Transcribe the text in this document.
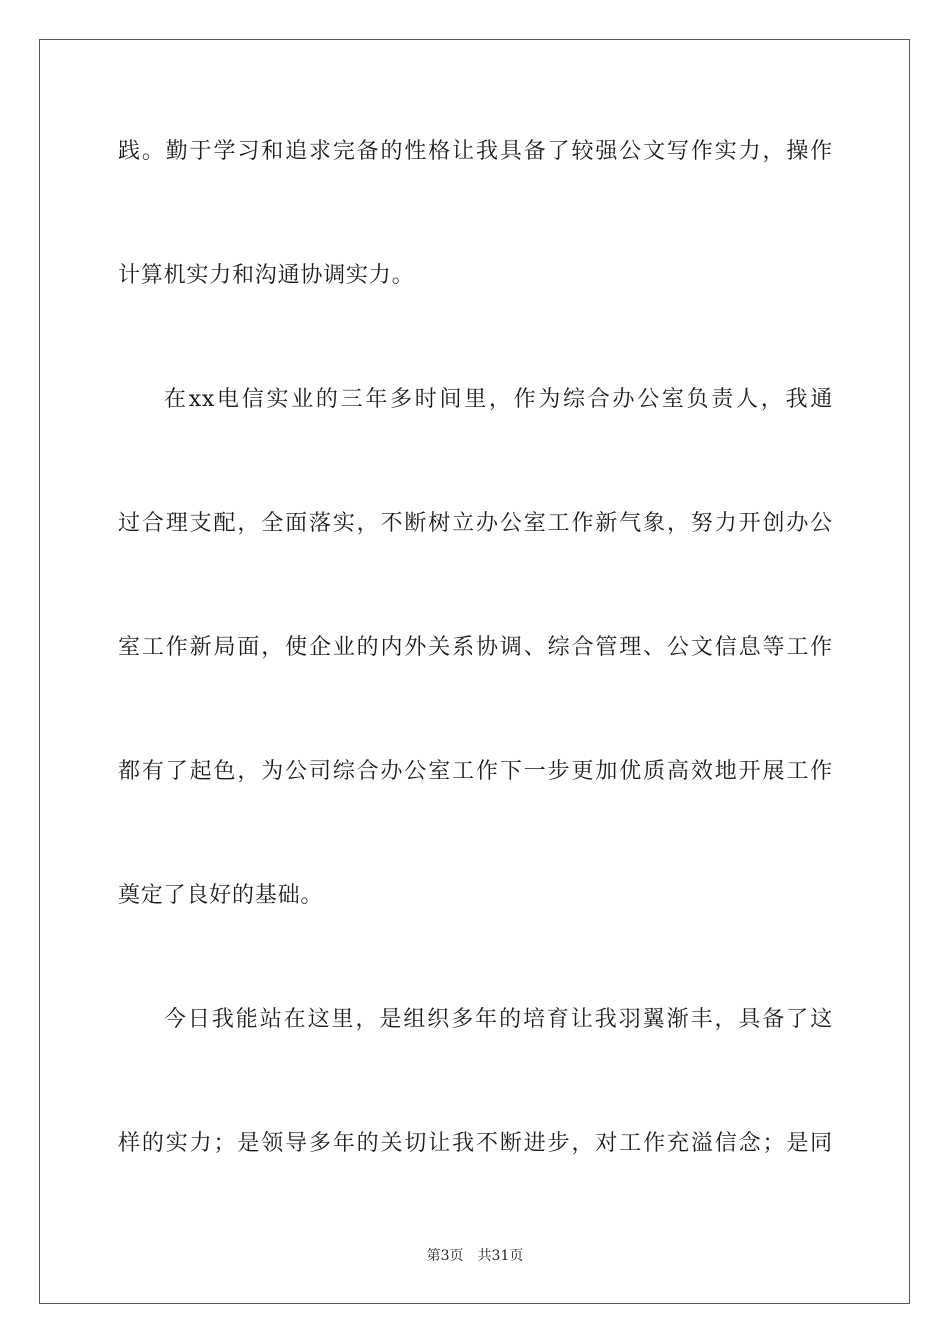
践。勤于学习和追求完备的性格让我具备了较强公文写作实力，操作
计算机实力和沟通协调实力。
在xx电信实业的三年多时间里，作为综合办公室负责人，我通
过合理支配，全面落实，不断树立办公室工作新气象，努力开创办公
室工作新局面，使企业的内外关系协调、综合管理、公文信息等工作
都有了起色，为公司综合办公室工作下一步更加优质高效地开展工作
奠定了良好的基础。
今日我能站在这里，是组织多年的培育让我羽翼渐丰，具备了这
样的实力；是领导多年的关切让我不断进步，对工作充溢信念；是同
第3页 共31页
